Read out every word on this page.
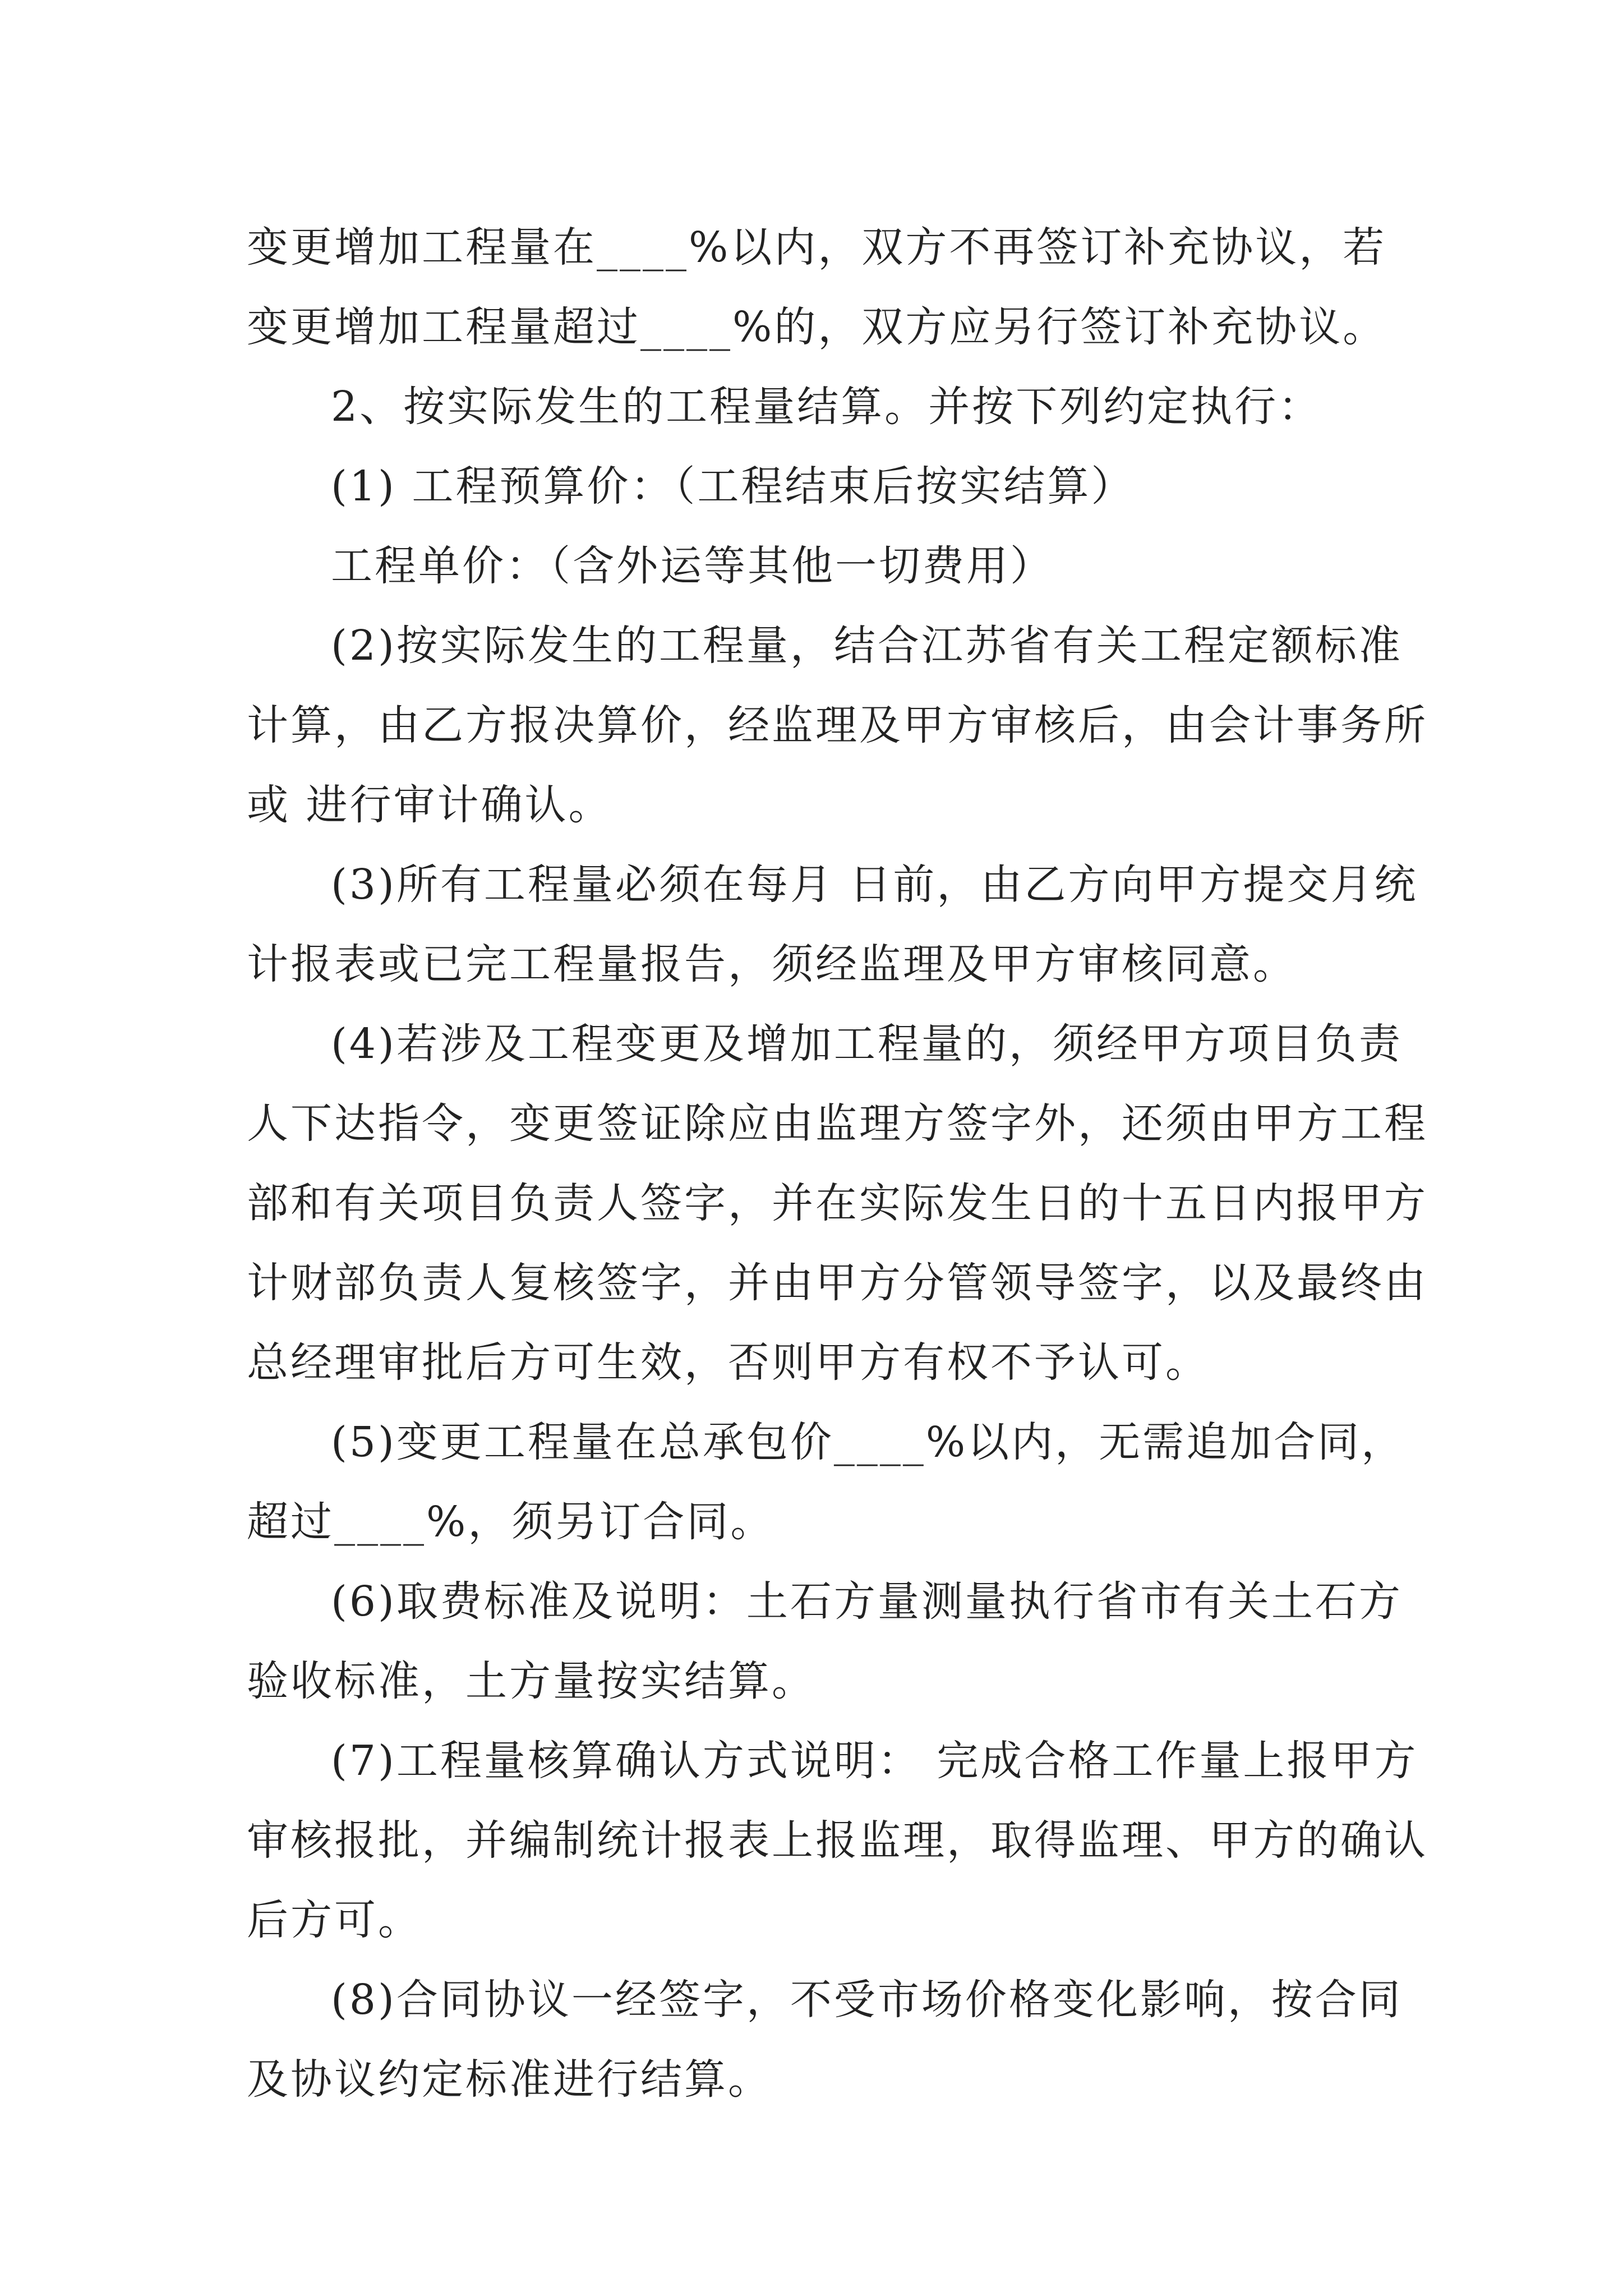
变更增加工程量在____%以内，双方不再签订补充协议，若变更增加工程量超过____%的，双方应另行签订补充协议。

2、按实际发生的工程量结算。并按下列约定执行：

(1) 工程预算价：（工程结束后按实结算）

工程单价：（含外运等其他一切费用）

(2)按实际发生的工程量，结合江苏省有关工程定额标准计算，由乙方报决算价，经监理及甲方审核后，由会计事务所或 进行审计确认。

(3)所有工程量必须在每月 日前，由乙方向甲方提交月统计报表或已完工程量报告，须经监理及甲方审核同意。

(4)若涉及工程变更及增加工程量的，须经甲方项目负责人下达指令，变更签证除应由监理方签字外，还须由甲方工程部和有关项目负责人签字，并在实际发生日的十五日内报甲方计财部负责人复核签字，并由甲方分管领导签字，以及最终由总经理审批后方可生效，否则甲方有权不予认可。

(5)变更工程量在总承包价____%以内，无需追加合同，超过____%，须另订合同。

(6)取费标准及说明：土石方量测量执行省市有关土石方验收标准，土方量按实结算。

(7)工程量核算确认方式说明： 完成合格工作量上报甲方审核报批，并编制统计报表上报监理，取得监理、甲方的确认后方可。

(8)合同协议一经签字，不受市场价格变化影响，按合同及协议约定标准进行结算。
